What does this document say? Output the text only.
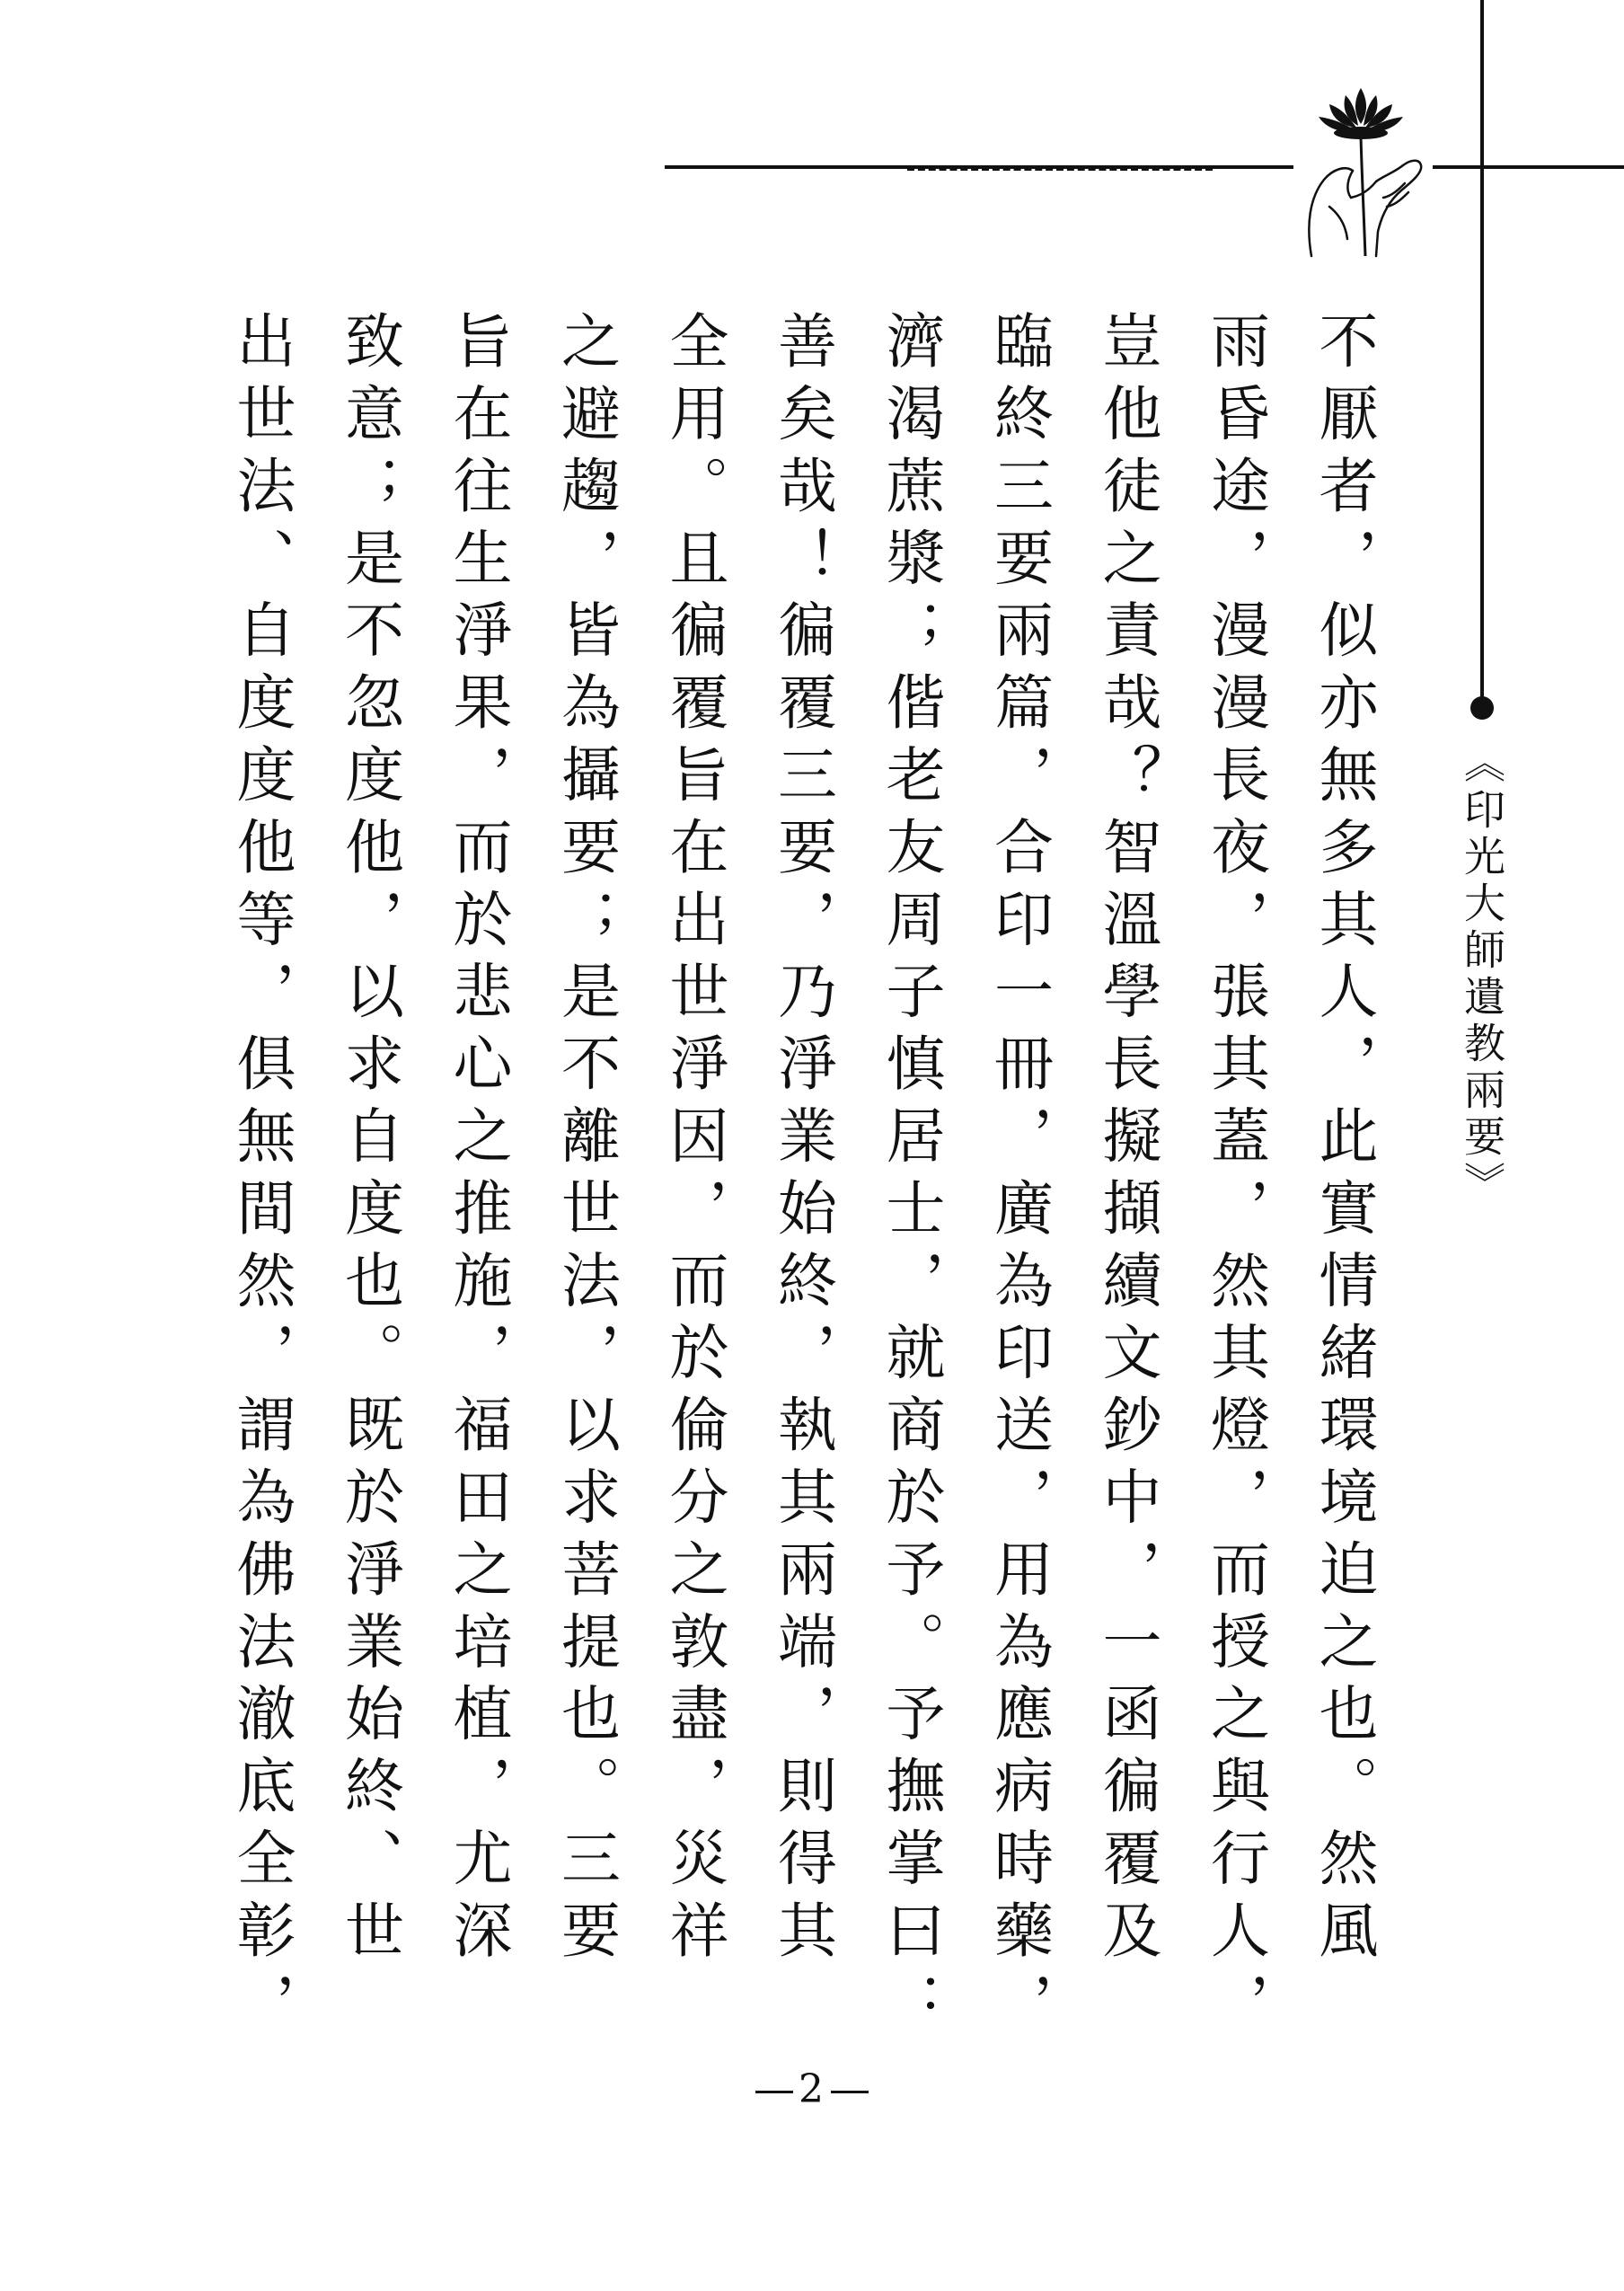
《印光大師遺教兩要》
不厭者，似亦無多其人，此實情緒環境迫之也。然風
雨昏途，漫漫長夜，張其蓋，然其燈，而授之與行人，
豈他徒之責哉？智溫學長擬擷續文鈔中，一函徧覆及
臨終三要兩篇，合印一冊，廣為印送，用為應病時藥，
濟渴蔗漿；偕老友周子慎居士，就商於予。予撫掌曰：
善矣哉！徧覆三要，乃淨業始終，執其兩端，則得其
全用。且徧覆旨在出世淨因，而於倫分之敦盡，災祥
之避趨，皆為攝要；是不離世法，以求菩提也。三要
旨在往生淨果，而於悲心之推施，福田之培植，尤深
致意；是不忽度他，以求自度也。既於淨業始終、世
出世法、自度度他等，俱無間然，謂為佛法澈底全彰，
2
